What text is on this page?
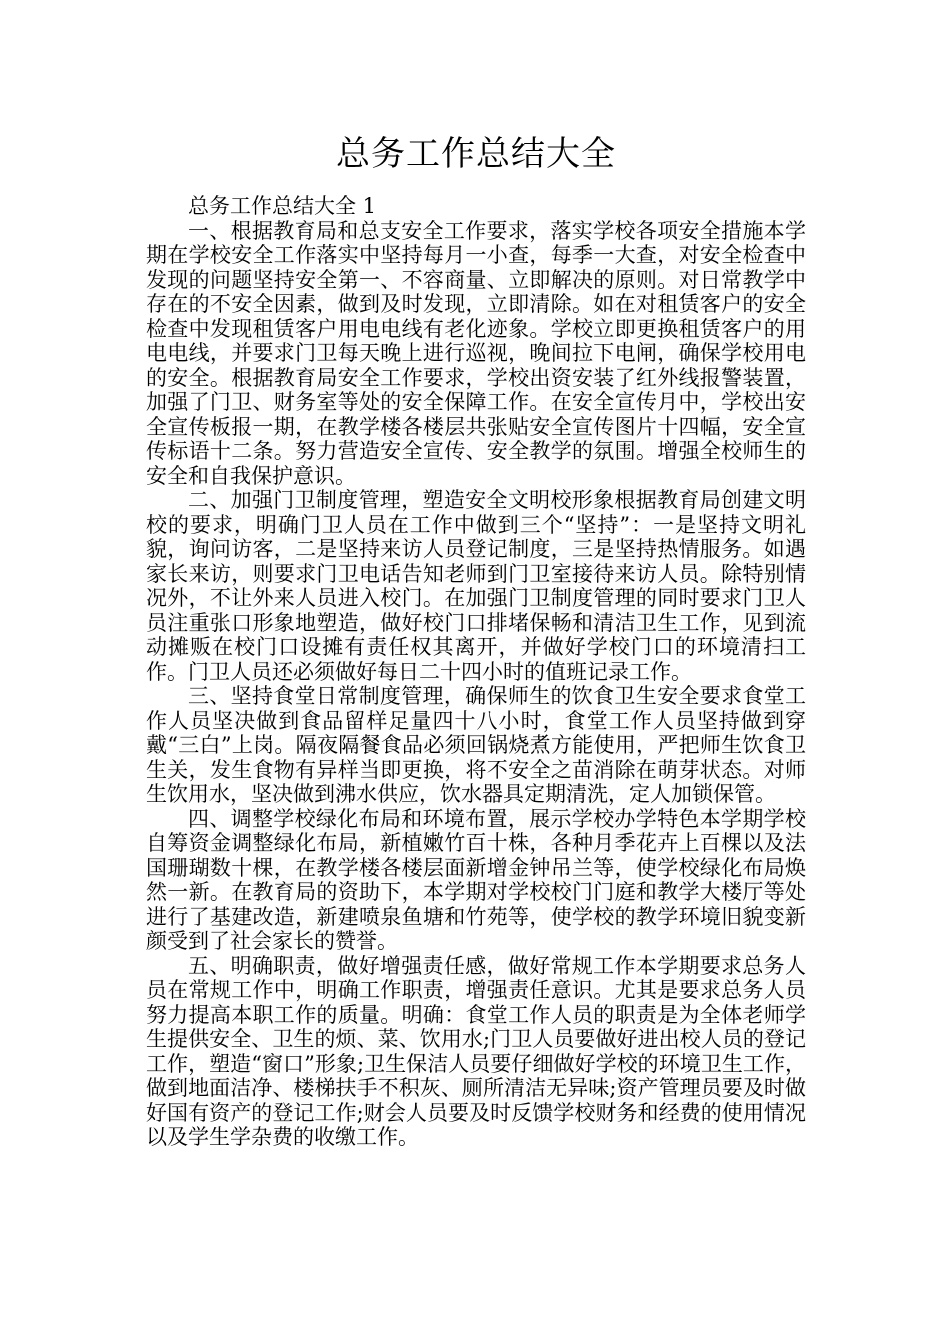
总务工作总结大全

总务工作总结大全 1

一、根据教育局和总支安全工作要求，落实学校各项安全措施本学期在学校安全工作落实中坚持每月一小查，每季一大查，对安全检查中发现的问题坚持安全第一、不容商量、立即解决的原则。对日常教学中存在的不安全因素，做到及时发现，立即清除。如在对租赁客户的安全检查中发现租赁客户用电电线有老化迹象。学校立即更换租赁客户的用电电线，并要求门卫每天晚上进行巡视，晚间拉下电闸，确保学校用电的安全。根据教育局安全工作要求，学校出资安装了红外线报警装置，加强了门卫、财务室等处的安全保障工作。在安全宣传月中，学校出安全宣传板报一期，在教学楼各楼层共张贴安全宣传图片十四幅，安全宣传标语十二条。努力营造安全宣传、安全教学的氛围。增强全校师生的安全和自我保护意识。

二、加强门卫制度管理，塑造安全文明校形象根据教育局创建文明校的要求，明确门卫人员在工作中做到三个“坚持”：一是坚持文明礼貌，询问访客，二是坚持来访人员登记制度，三是坚持热情服务。如遇家长来访，则要求门卫电话告知老师到门卫室接待来访人员。除特别情况外，不让外来人员进入校门。在加强门卫制度管理的同时要求门卫人员注重张口形象地塑造，做好校门口排堵保畅和清洁卫生工作，见到流动摊贩在校门口设摊有责任权其离开，并做好学校门口的环境清扫工作。门卫人员还必须做好每日二十四小时的值班记录工作。

三、坚持食堂日常制度管理，确保师生的饮食卫生安全要求食堂工作人员坚决做到食品留样足量四十八小时，食堂工作人员坚持做到穿戴“三白”上岗。隔夜隔餐食品必须回锅烧煮方能使用，严把师生饮食卫生关，发生食物有异样当即更换，将不安全之苗消除在萌芽状态。对师生饮用水，坚决做到沸水供应，饮水器具定期清洗，定人加锁保管。

四、调整学校绿化布局和环境布置，展示学校办学特色本学期学校自筹资金调整绿化布局，新植嫩竹百十株，各种月季花卉上百棵以及法国珊瑚数十棵，在教学楼各楼层面新增金钟吊兰等，使学校绿化布局焕然一新。在教育局的资助下，本学期对学校校门门庭和教学大楼厅等处进行了基建改造，新建喷泉鱼塘和竹苑等，使学校的教学环境旧貌变新颜受到了社会家长的赞誉。

五、明确职责，做好增强责任感，做好常规工作本学期要求总务人员在常规工作中，明确工作职责，增强责任意识。尤其是要求总务人员努力提高本职工作的质量。明确：食堂工作人员的职责是为全体老师学生提供安全、卫生的烦、菜、饮用水;门卫人员要做好进出校人员的登记工作，塑造“窗口”形象;卫生保洁人员要仔细做好学校的环境卫生工作，做到地面洁净、楼梯扶手不积灰、厕所清洁无异味;资产管理员要及时做好国有资产的登记工作;财会人员要及时反馈学校财务和经费的使用情况以及学生学杂费的收缴工作。
